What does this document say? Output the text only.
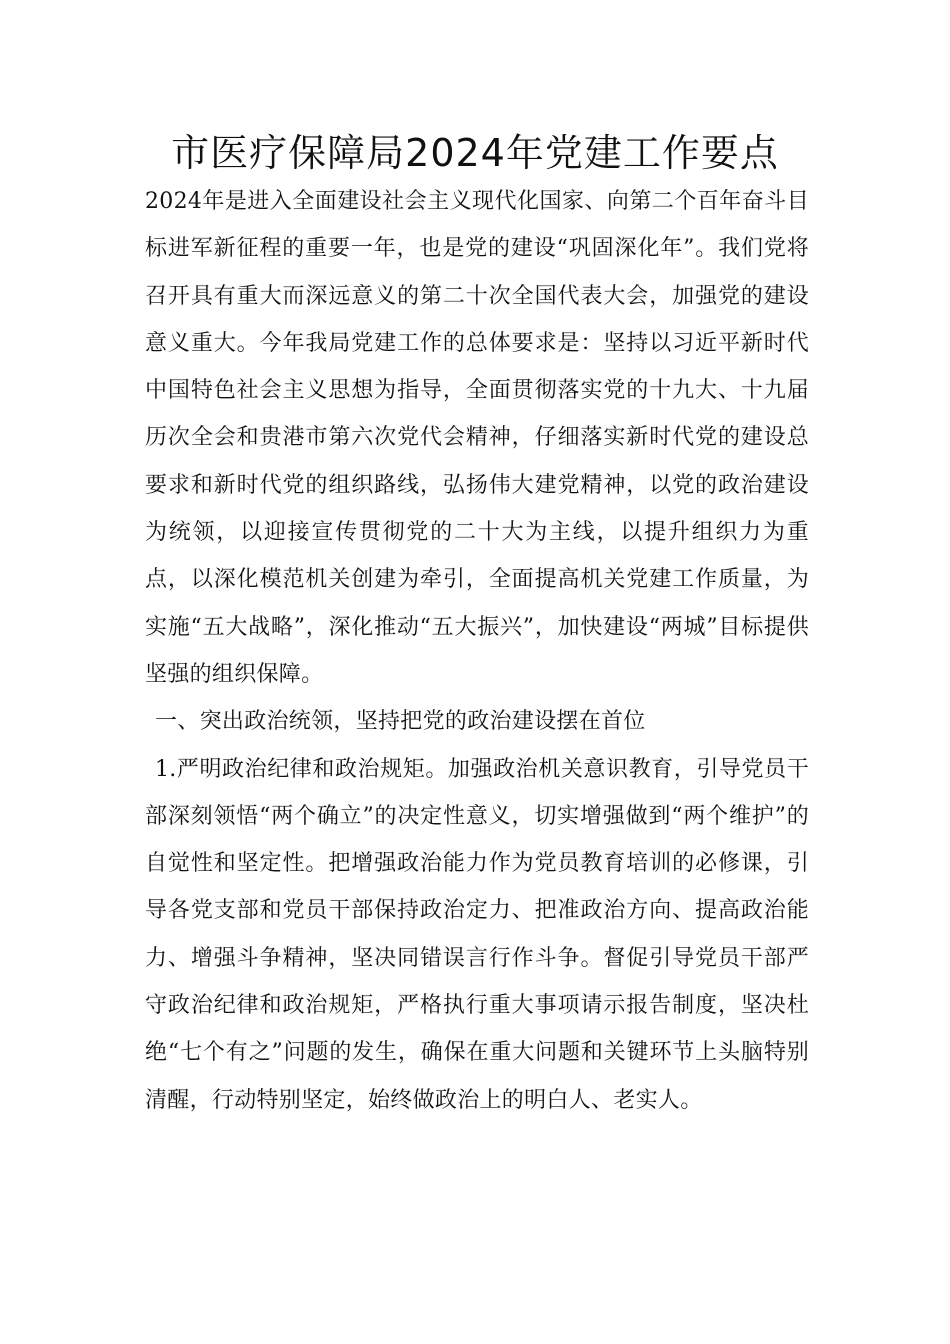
市医疗保障局2024年党建工作要点

2024年是进入全面建设社会主义现代化国家、向第二个百年奋斗目标进军新征程的重要一年，也是党的建设“巩固深化年”。我们党将召开具有重大而深远意义的第二十次全国代表大会，加强党的建设意义重大。今年我局党建工作的总体要求是：坚持以习近平新时代中国特色社会主义思想为指导，全面贯彻落实党的十九大、十九届历次全会和贵港市第六次党代会精神，仔细落实新时代党的建设总要求和新时代党的组织路线，弘扬伟大建党精神，以党的政治建设为统领，以迎接宣传贯彻党的二十大为主线，以提升组织力为重点，以深化模范机关创建为牵引，全面提高机关党建工作质量，为实施“五大战略”，深化推动“五大振兴”，加快建设“两城”目标提供坚强的组织保障。

一、突出政治统领，坚持把党的政治建设摆在首位

1.严明政治纪律和政治规矩。加强政治机关意识教育，引导党员干部深刻领悟“两个确立”的决定性意义，切实增强做到“两个维护”的自觉性和坚定性。把增强政治能力作为党员教育培训的必修课，引导各党支部和党员干部保持政治定力、把准政治方向、提高政治能力、增强斗争精神，坚决同错误言行作斗争。督促引导党员干部严守政治纪律和政治规矩，严格执行重大事项请示报告制度，坚决杜绝“七个有之”问题的发生，确保在重大问题和关键环节上头脑特别清醒，行动特别坚定，始终做政治上的明白人、老实人。
